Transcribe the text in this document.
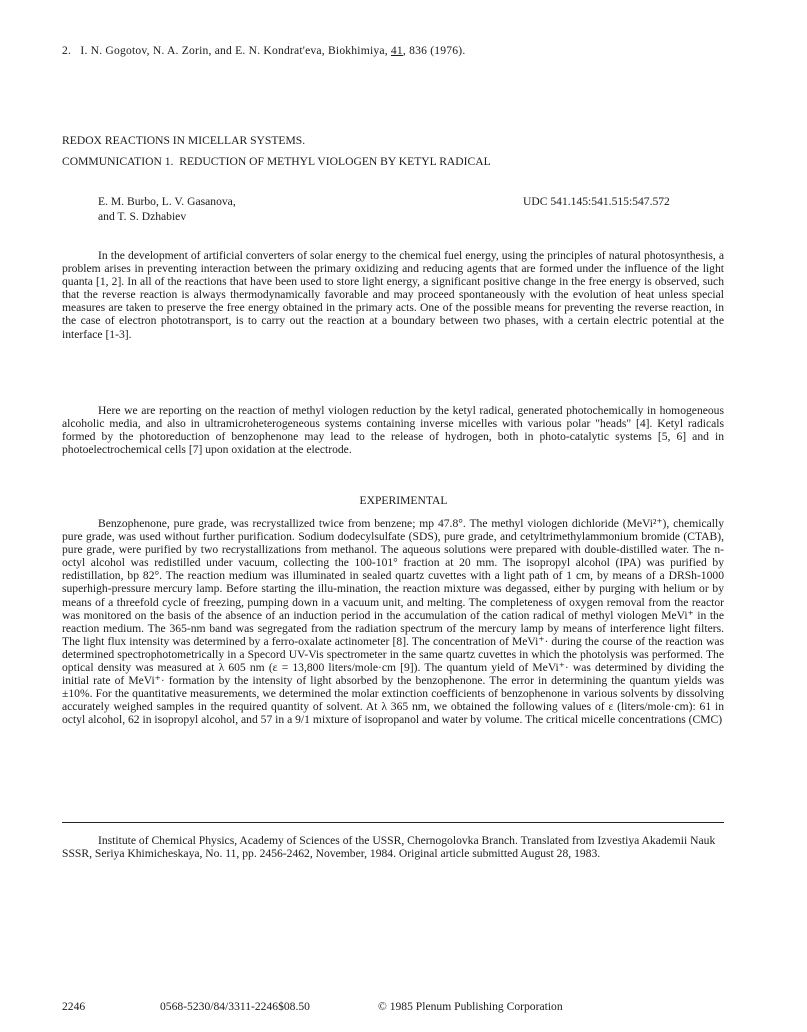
2. I. N. Gogotov, N. A. Zorin, and E. N. Kondrat'eva, Biokhimiya, 41, 836 (1976).
REDOX REACTIONS IN MICELLAR SYSTEMS.
COMMUNICATION 1.  REDUCTION OF METHYL VIOLOGEN BY KETYL RADICAL
E. M. Burbo, L. V. Gasanova,
and T. S. Dzhabiev
UDC 541.145:541.515:547.572
In the development of artificial converters of solar energy to the chemical fuel energy, using the principles of natural photosynthesis, a problem arises in preventing interaction between the primary oxidizing and reducing agents that are formed under the influence of the light quanta [1, 2]. In all of the reactions that have been used to store light energy, a significant positive change in the free energy is observed, such that the reverse reaction is always thermodynamically favorable and may proceed spontaneously with the evolution of heat unless special measures are taken to preserve the free energy obtained in the primary acts. One of the possible means for preventing the reverse reaction, in the case of electron phototransport, is to carry out the reaction at a boundary between two phases, with a certain electric potential at the interface [1-3].
Here we are reporting on the reaction of methyl viologen reduction by the ketyl radical, generated photochemically in homogeneous alcoholic media, and also in ultramicroheterogeneous systems containing inverse micelles with various polar "heads" [4]. Ketyl radicals formed by the photoreduction of benzophenone may lead to the release of hydrogen, both in photo-catalytic systems [5, 6] and in photoelectrochemical cells [7] upon oxidation at the electrode.
EXPERIMENTAL
Benzophenone, pure grade, was recrystallized twice from benzene; mp 47.8°. The methyl viologen dichloride (MeVi²⁺), chemically pure grade, was used without further purification. Sodium dodecylsulfate (SDS), pure grade, and cetyltrimethylammonium bromide (CTAB), pure grade, were purified by two recrystallizations from methanol. The aqueous solutions were prepared with double-distilled water. The n-octyl alcohol was redistilled under vacuum, collecting the 100-101° fraction at 20 mm. The isopropyl alcohol (IPA) was purified by redistillation, bp 82°. The reaction medium was illuminated in sealed quartz cuvettes with a light path of 1 cm, by means of a DRSh-1000 superhigh-pressure mercury lamp. Before starting the illu-mination, the reaction mixture was degassed, either by purging with helium or by means of a threefold cycle of freezing, pumping down in a vacuum unit, and melting. The completeness of oxygen removal from the reactor was monitored on the basis of the absence of an induction period in the accumulation of the cation radical of methyl viologen MeVi⁺ in the reaction medium. The 365-nm band was segregated from the radiation spectrum of the mercury lamp by means of interference light filters. The light flux intensity was determined by a ferro-oxalate actinometer [8]. The concentration of MeVi⁺· during the course of the reaction was determined spectrophotometrically in a Specord UV-Vis spectrometer in the same quartz cuvettes in which the photolysis was performed. The optical density was measured at λ 605 nm (ε = 13,800 liters/mole·cm [9]). The quantum yield of MeVi⁺· was determined by dividing the initial rate of MeVi⁺· formation by the intensity of light absorbed by the benzophenone. The error in determining the quantum yields was ±10%. For the quantitative measurements, we determined the molar extinction coefficients of benzophenone in various solvents by dissolving accurately weighed samples in the required quantity of solvent. At λ 365 nm, we obtained the following values of ε (liters/mole·cm): 61 in octyl alcohol, 62 in isopropyl alcohol, and 57 in a 9/1 mixture of isopropanol and water by volume. The critical micelle concentrations (CMC)
Institute of Chemical Physics, Academy of Sciences of the USSR, Chernogolovka Branch. Translated from Izvestiya Akademii Nauk SSSR, Seriya Khimicheskaya, No. 11, pp. 2456-2462, November, 1984. Original article submitted August 28, 1983.
2246	0568-5230/84/3311-2246$08.50	© 1985 Plenum Publishing Corporation
